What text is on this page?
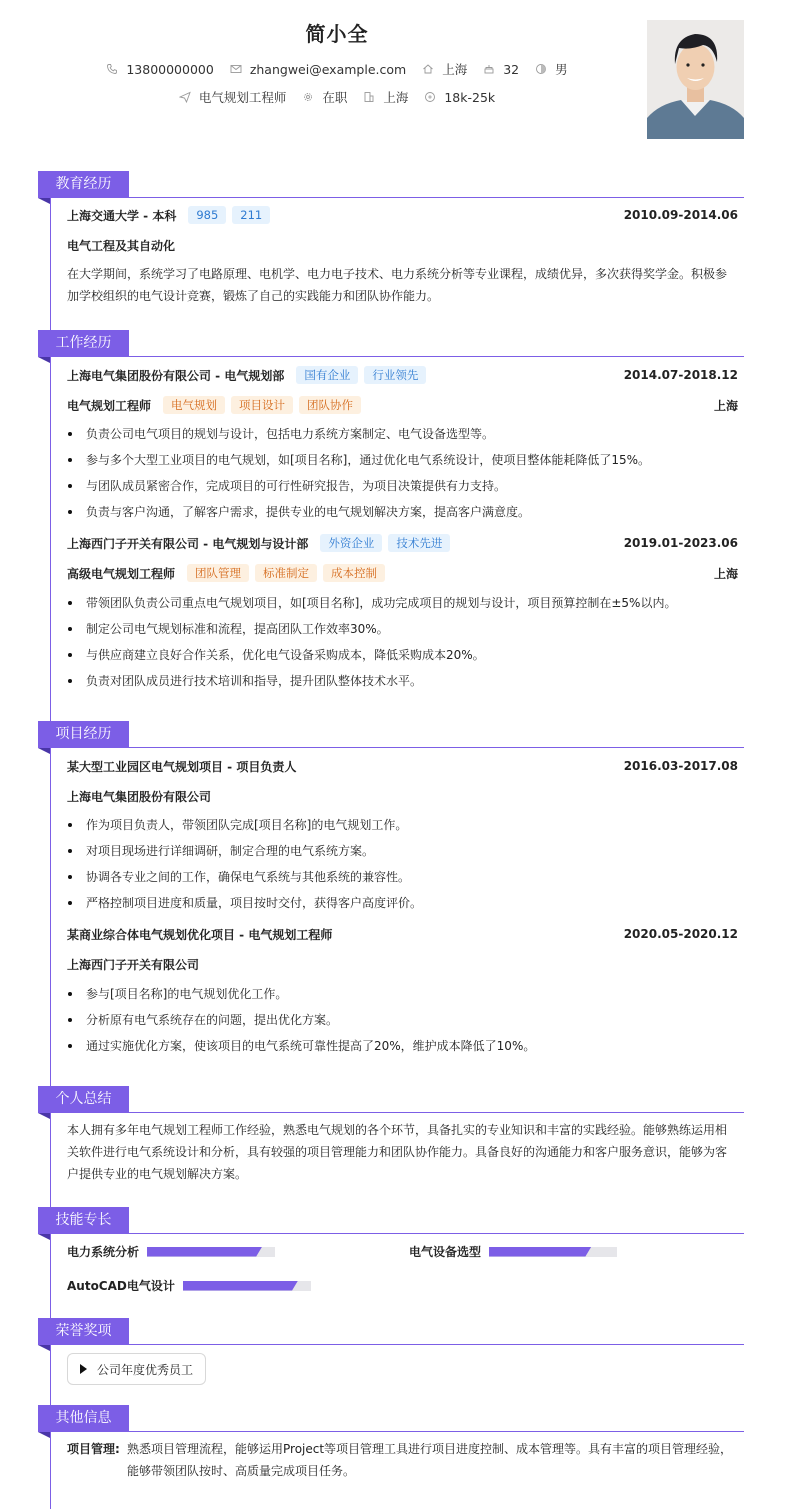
简小全
13800000000	zhangwei@example.com	上海	32	男
电气规划工程师	在职	上海	18k-25k
教育经历
上海交通大学 - 本科	985	211	2010.09-2014.06
电气工程及其自动化
在大学期间，系统学习了电路原理、电机学、电力电子技术、电力系统分析等专业课程，成绩优异，多次获得奖学金。积极参加学校组织的电气设计竞赛，锻炼了自己的实践能力和团队协作能力。
工作经历
上海电气集团股份有限公司 - 电气规划部	国有企业	行业领先	2014.07-2018.12
电气规划工程师	电气规划	项目设计	团队协作	上海
负责公司电气项目的规划与设计，包括电力系统方案制定、电气设备选型等。
参与多个大型工业项目的电气规划，如[项目名称]，通过优化电气系统设计，使项目整体能耗降低了15%。
与团队成员紧密合作，完成项目的可行性研究报告，为项目决策提供有力支持。
负责与客户沟通，了解客户需求，提供专业的电气规划解决方案，提高客户满意度。
上海西门子开关有限公司 - 电气规划与设计部	外资企业	技术先进	2019.01-2023.06
高级电气规划工程师	团队管理	标准制定	成本控制	上海
带领团队负责公司重点电气规划项目，如[项目名称]，成功完成项目的规划与设计，项目预算控制在±5%以内。
制定公司电气规划标准和流程，提高团队工作效率30%。
与供应商建立良好合作关系，优化电气设备采购成本，降低采购成本20%。
负责对团队成员进行技术培训和指导，提升团队整体技术水平。
项目经历
某大型工业园区电气规划项目 - 项目负责人	2016.03-2017.08
上海电气集团股份有限公司
作为项目负责人，带领团队完成[项目名称]的电气规划工作。
对项目现场进行详细调研，制定合理的电气系统方案。
协调各专业之间的工作，确保电气系统与其他系统的兼容性。
严格控制项目进度和质量，项目按时交付，获得客户高度评价。
某商业综合体电气规划优化项目 - 电气规划工程师	2020.05-2020.12
上海西门子开关有限公司
参与[项目名称]的电气规划优化工作。
分析原有电气系统存在的问题，提出优化方案。
通过实施优化方案，使该项目的电气系统可靠性提高了20%，维护成本降低了10%。
个人总结
本人拥有多年电气规划工程师工作经验，熟悉电气规划的各个环节，具备扎实的专业知识和丰富的实践经验。能够熟练运用相关软件进行电气系统设计和分析，具有较强的项目管理能力和团队协作能力。具备良好的沟通能力和客户服务意识，能够为客户提供专业的电气规划解决方案。
技能专长
电力系统分析	电气设备选型
AutoCAD电气设计
荣誉奖项
公司年度优秀员工
其他信息
项目管理: 熟悉项目管理流程，能够运用Project等项目管理工具进行项目进度控制、成本管理等。具有丰富的项目管理经验，能够带领团队按时、高质量完成项目任务。
